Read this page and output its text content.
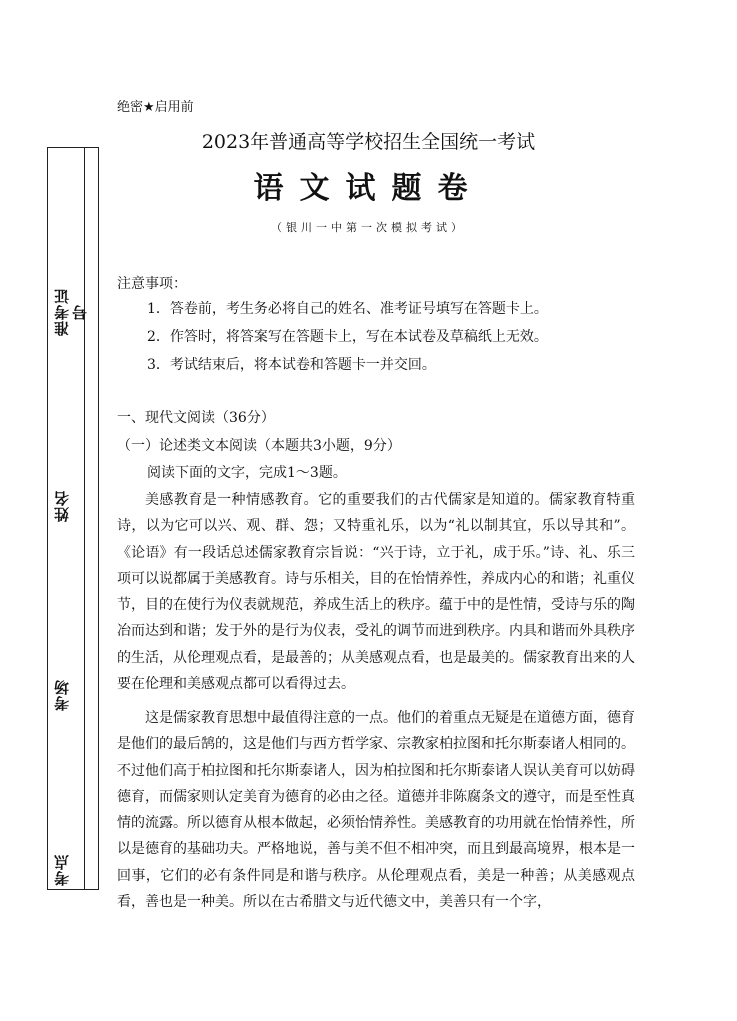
准考证号
姓名
考场
考点
绝密★启用前
2023年普通高等学校招生全国统一考试
语文试题卷
（银川一中第一次模拟考试）
注意事项：
1．答卷前，考生务必将自己的姓名、准考证号填写在答题卡上。
2．作答时，将答案写在答题卡上，写在本试卷及草稿纸上无效。
3．考试结束后，将本试卷和答题卡一并交回。
一、现代文阅读（36分）
（一）论述类文本阅读（本题共3小题，9分）
阅读下面的文字，完成1～3题。

美感教育是一种情感教育。它的重要我们的古代儒家是知道的。儒家教育特重诗，以为它可以兴、观、群、怨；又特重礼乐，以为“礼以制其宜，乐以导其和”。《论语》有一段话总述儒家教育宗旨说：“兴于诗，立于礼，成于乐。”诗、礼、乐三项可以说都属于美感教育。诗与乐相关，目的在怡情养性，养成内心的和谐；礼重仪节，目的在使行为仪表就规范，养成生活上的秩序。蕴于中的是性情，受诗与乐的陶冶而达到和谐；发于外的是行为仪表，受礼的调节而进到秩序。内具和谐而外具秩序的生活，从伦理观点看，是最善的；从美感观点看，也是最美的。儒家教育出来的人要在伦理和美感观点都可以看得过去。

这是儒家教育思想中最值得注意的一点。他们的着重点无疑是在道德方面，德育是他们的最后鹄的，这是他们与西方哲学家、宗教家柏拉图和托尔斯泰诸人相同的。不过他们高于柏拉图和托尔斯泰诸人，因为柏拉图和托尔斯泰诸人误认美育可以妨碍德育，而儒家则认定美育为德育的必由之径。道德并非陈腐条文的遵守，而是至性真情的流露。所以德育从根本做起，必须怡情养性。美感教育的功用就在怡情养性，所以是德育的基础功夫。严格地说，善与美不但不相冲突，而且到最高境界，根本是一回事，它们的必有条件同是和谐与秩序。从伦理观点看，美是一种善；从美感观点看，善也是一种美。所以在古希腊文与近代德文中，美善只有一个字，
